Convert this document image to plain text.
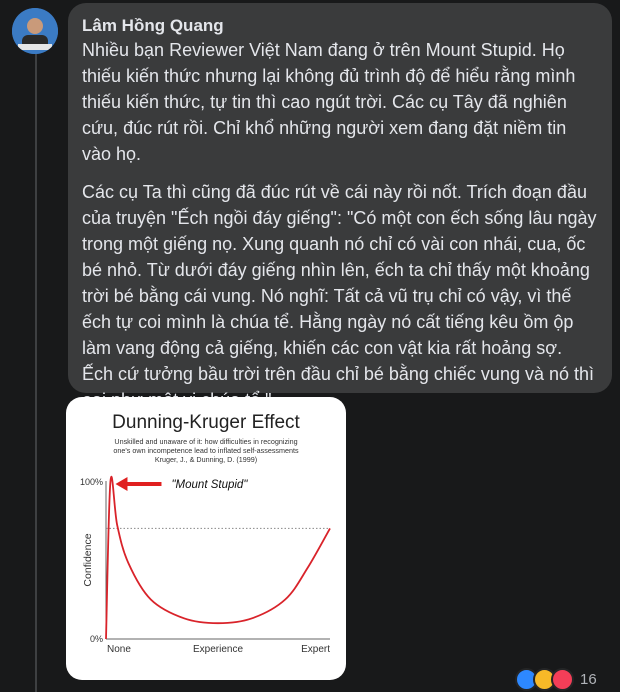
Lâm Hồng Quang

Nhiều bạn Reviewer Việt Nam đang ở trên Mount Stupid. Họ thiếu kiến thức nhưng lại không đủ trình độ để hiểu rằng mình thiếu kiến thức, tự tin thì cao ngút trời. Các cụ Tây đã nghiên cứu, đúc rút rồi. Chỉ khổ những người xem đang đặt niềm tin vào họ.

Các cụ Ta thì cũng đã đúc rút về cái này rồi nốt. Trích đoạn đầu của truyện "Ếch ngồi đáy giếng": "Có một con ếch sống lâu ngày trong một giếng nọ. Xung quanh nó chỉ có vài con nhái, cua, ốc bé nhỏ. Từ dưới đáy giếng nhìn lên, ếch ta chỉ thấy một khoảng trời bé bằng cái vung. Nó nghĩ: Tất cả vũ trụ chỉ có vậy, vì thế ếch tự coi mình là chúa tể. Hằng ngày nó cất tiếng kêu ồm ộp làm vang động cả giếng, khiến các con vật kia rất hoảng sợ. Ếch cứ tưởng bầu trời trên đầu chỉ bé bằng chiếc vung và nó thì

Dunning-Kruger Effect
Unskilled and unaware of it: how difficulties in recognizing
one's own incompetence lead to inflated self-assessments
Kruger, J., & Dunning, D. (1999)
100%
0%
Confidence
None	Experience	Expert
"Mount Stupid"
16
